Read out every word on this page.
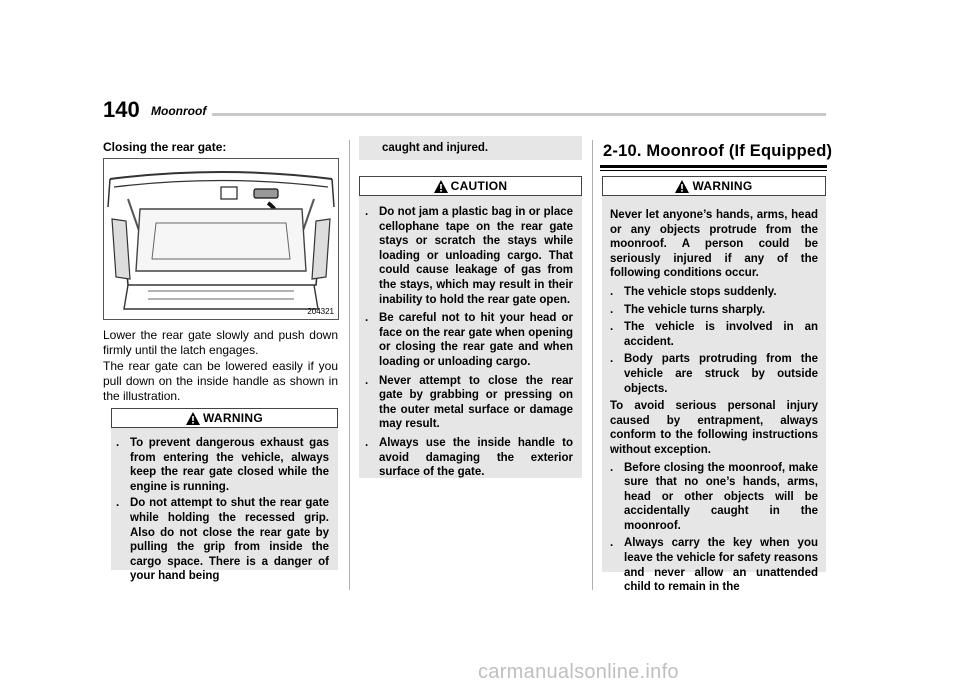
140 Moonroof
Closing the rear gate:
204321
Lower the rear gate slowly and push down firmly until the latch engages.
The rear gate can be lowered easily if you pull down on the inside handle as shown in the illustration.
WARNING
. To prevent dangerous exhaust gas from entering the vehicle, always keep the rear gate closed while the engine is running.
. Do not attempt to shut the rear gate while holding the recessed grip. Also do not close the rear gate by pulling the grip from inside the cargo space. There is a danger of your hand being
caught and injured.
CAUTION
. Do not jam a plastic bag in or place cellophane tape on the rear gate stays or scratch the stays while loading or unloading cargo. That could cause leakage of gas from the stays, which may result in their inability to hold the rear gate open.
. Be careful not to hit your head or face on the rear gate when opening or closing the rear gate and when loading or unloading cargo.
. Never attempt to close the rear gate by grabbing or pressing on the outer metal surface or damage may result.
. Always use the inside handle to avoid damaging the exterior surface of the gate.
2-10. Moonroof (If Equipped)
WARNING
Never let anyone’s hands, arms, head or any objects protrude from the moonroof. A person could be seriously injured if any of the following conditions occur.
. The vehicle stops suddenly.
. The vehicle turns sharply.
. The vehicle is involved in an accident.
. Body parts protruding from the vehicle are struck by outside objects.
To avoid serious personal injury caused by entrapment, always conform to the following instructions without exception.
. Before closing the moonroof, make sure that no one’s hands, arms, head or other objects will be accidentally caught in the moonroof.
. Always carry the key when you leave the vehicle for safety reasons and never allow an unattended child to remain in the
carmanualsonline.info
